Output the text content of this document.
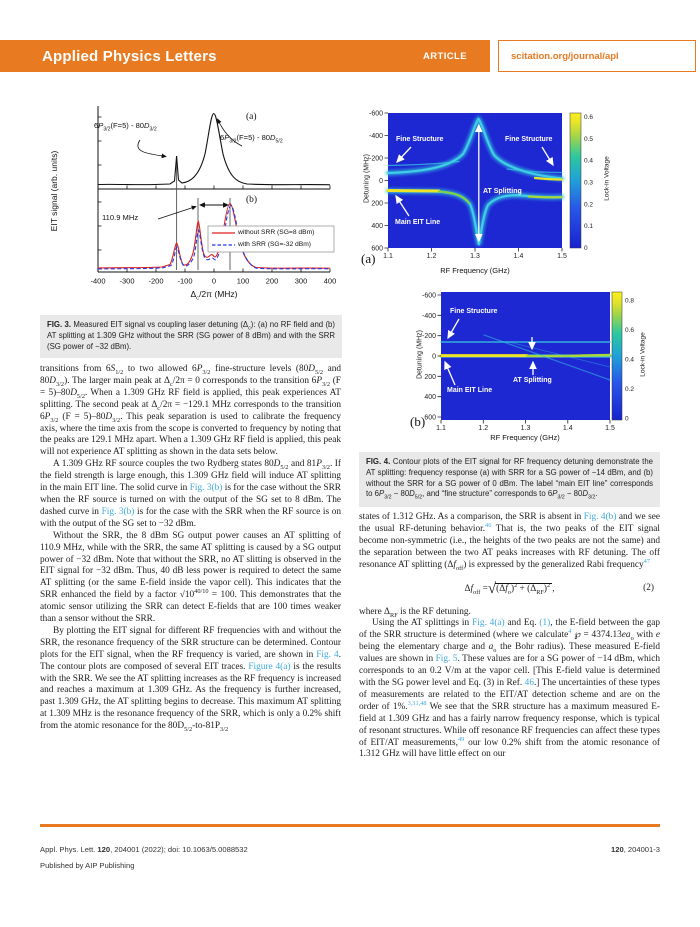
Applied Physics Letters	ARTICLE	scitation.org/journal/apl
-400 -300 -200 -100	0	100 200 300 400
EIT signal (arb. units)
$\Delta_c/2\pi$ (MHz)
$6P_{3/2}(F=5) - 80D_{3/2}$
$6P_{3/2}(F=5) - 80D_{5/2}$
110.9 MHz
without SRR (SG=8 dBm)
with SRR (SG=-32 dBm)
(a)
(b)
FIG. 3. Measured EIT signal vs coupling laser detuning $(\Delta_c)$: (a) no RF field and (b) AT splitting at 1.309 GHz without the SRR (SG power of 8 dBm) and with the SRR (SG power of −32 dBm).

transitions from $6S_{1/2}$ to two allowed $6P_{3/2}$ fine-structure levels ($80D_{5/2}$ and $80D_{3/2}$). The larger main peak at $\Delta_c/2\pi = 0$ corresponds to the transition $6P_{3/2}$ $(F = 5)-80D_{5/2}$. When a 1.309 GHz RF field is applied, this peak experiences AT splitting. The second peak at $\Delta_c/2\pi = -129.1$ MHz corresponds to the transition $6P_{3/2}$ $(F = 5)-80D_{3/2}$. This peak separation is used to calibrate the frequency axis, where the time axis from the scope is converted to frequency by noting that the peaks are 129.1 MHz apart. When a 1.309 GHz RF field is applied, this peak will not experience AT splitting as shown in the data sets below.

A 1.309 GHz RF source couples the two Rydberg states $80D_{5/2}$ and $81P_{3/2}$. If the field strength is large enough, this 1.309 GHz field will induce AT splitting in the main EIT line. The solid curve in Fig. 3(b) is for the case without the SRR when the RF source is turned on with the output of the SG set to 8 dBm. The dashed curve in Fig. 3(b) is for the case with the SRR when the RF source is on with the output of the SG set to −32 dBm.

Without the SRR, the 8 dBm SG output power causes an AT splitting of 110.9 MHz, while with the SRR, the same AT splitting is caused by a SG output power of −32 dBm. Note that without the SRR, no AT slitting is observed in the EIT signal for −32 dBm. Thus, 40 dB less power is required to detect the same AT splitting (or the same E-field inside the vapor cell). This indicates that the SRR enhanced the field by a factor $√10^{40/10} = 100$. This demonstrates that the atomic sensor utilizing the SRR can detect E-fields that are 100 times weaker than a sensor without the SRR.

By plotting the EIT signal for different RF frequencies with and without the SRR, the resonance frequency of the SRR structure can be determined. Contour plots for the EIT signal, when the RF frequency is varied, are shown in Fig. 4. The contour plots are composed of several EIT traces. Figure 4(a) is the results with the SRR. We see the AT splitting increases as the RF frequency is increased and reaches a maximum at 1.309 GHz. As the frequency is further increased, past 1.309 GHz, the AT splitting begins to decrease. This maximum AT splitting at 1.309 MHz is the resonance frequency of the SRR, which is only a 0.2% shift from the atomic resonance for the $80D_{5/2}-to-81P_{3/2}$

-600
-400
-200
0
200
400
600
1.1	1.2	1.3	1.4	1.5
0.6
0.5
0.4
0.3
0.2
0.1
0
Detuning (MHz)	Lock-in Voltage
RF Frequency (GHz)
Fine Structure	Fine Structure
AT Splitting
Main EIT Line
(a)
-600
-400
-200
0
200
400
600
1.1	1.2	1.3	1.4	1.5
0.8
0.6
0.4
0.2
0
Detuning (MHz)	Lock-in Voltage
RF Frequency (GHz)
Fine Structure
AT Splitting
Main EIT Line
(b)
FIG. 4. Contour plots of the EIT signal for RF frequency detuning demonstrate the AT splitting: frequency response (a) with SRR for a SG power of −14 dBm, and (b) without the SRR for a SG power of 0 dBm. The label “main EIT line” corresponds to $6P_{3/2} - 80D_{5/2}$, and “fine structure” corresponds to $6P_{3/2} - 80D_{3/2}$.

states of 1.312 GHz. As a comparison, the SRR is absent in Fig. 4(b) and we see the usual RF-detuning behavior.$^{46}$ That is, the two peaks of the EIT signal become non-symmetric (i.e., the heights of the two peaks are not the same) and the separation between the two AT peaks increases with RF detuning. The off resonance AT splitting $(\Delta f_{off})$ is expressed by the generalized Rabi frequency$^{47}$

$\Delta f_{off}$ = √ $(\Delta f_o)^2 + (\Delta_{RF})^2$ ,	(2)

where $\Delta_{RF}$ is the RF detuning.

Using the AT splittings in Fig. 4(a) and Eq. (1), the E-field between the gap of the SRR structure is determined (where we calculate$^4$ ℘ = $4374.13ea_o$ with e being the elementary charge and $a_o$ the Bohr radius). These measured E-field values are shown in Fig. 5. These values are for a SG power of −14 dBm, which corresponds to an 0.2 V/m at the vapor cell. [This E-field value is determined with the SG power level and Eq. (3) in Ref. 46.] The uncertainties of these types of measurements are related to the EIT/AT detection scheme and are on the order of 1%.$^{3,31,48}$ We see that the SRR structure has a maximum measured E-field at 1.309 GHz and has a fairly narrow frequency response, which is typical of resonant structures. While off resonance RF frequencies can affect these types of EIT/AT measurements,$^{49}$ our low 0.2% shift from the atomic resonance of 1.312 GHz will have little effect on our

Appl. Phys. Lett. 120, 204001 (2022); doi: 10.1063/5.0088532
Published by AIP Publishing
120, 204001-3
